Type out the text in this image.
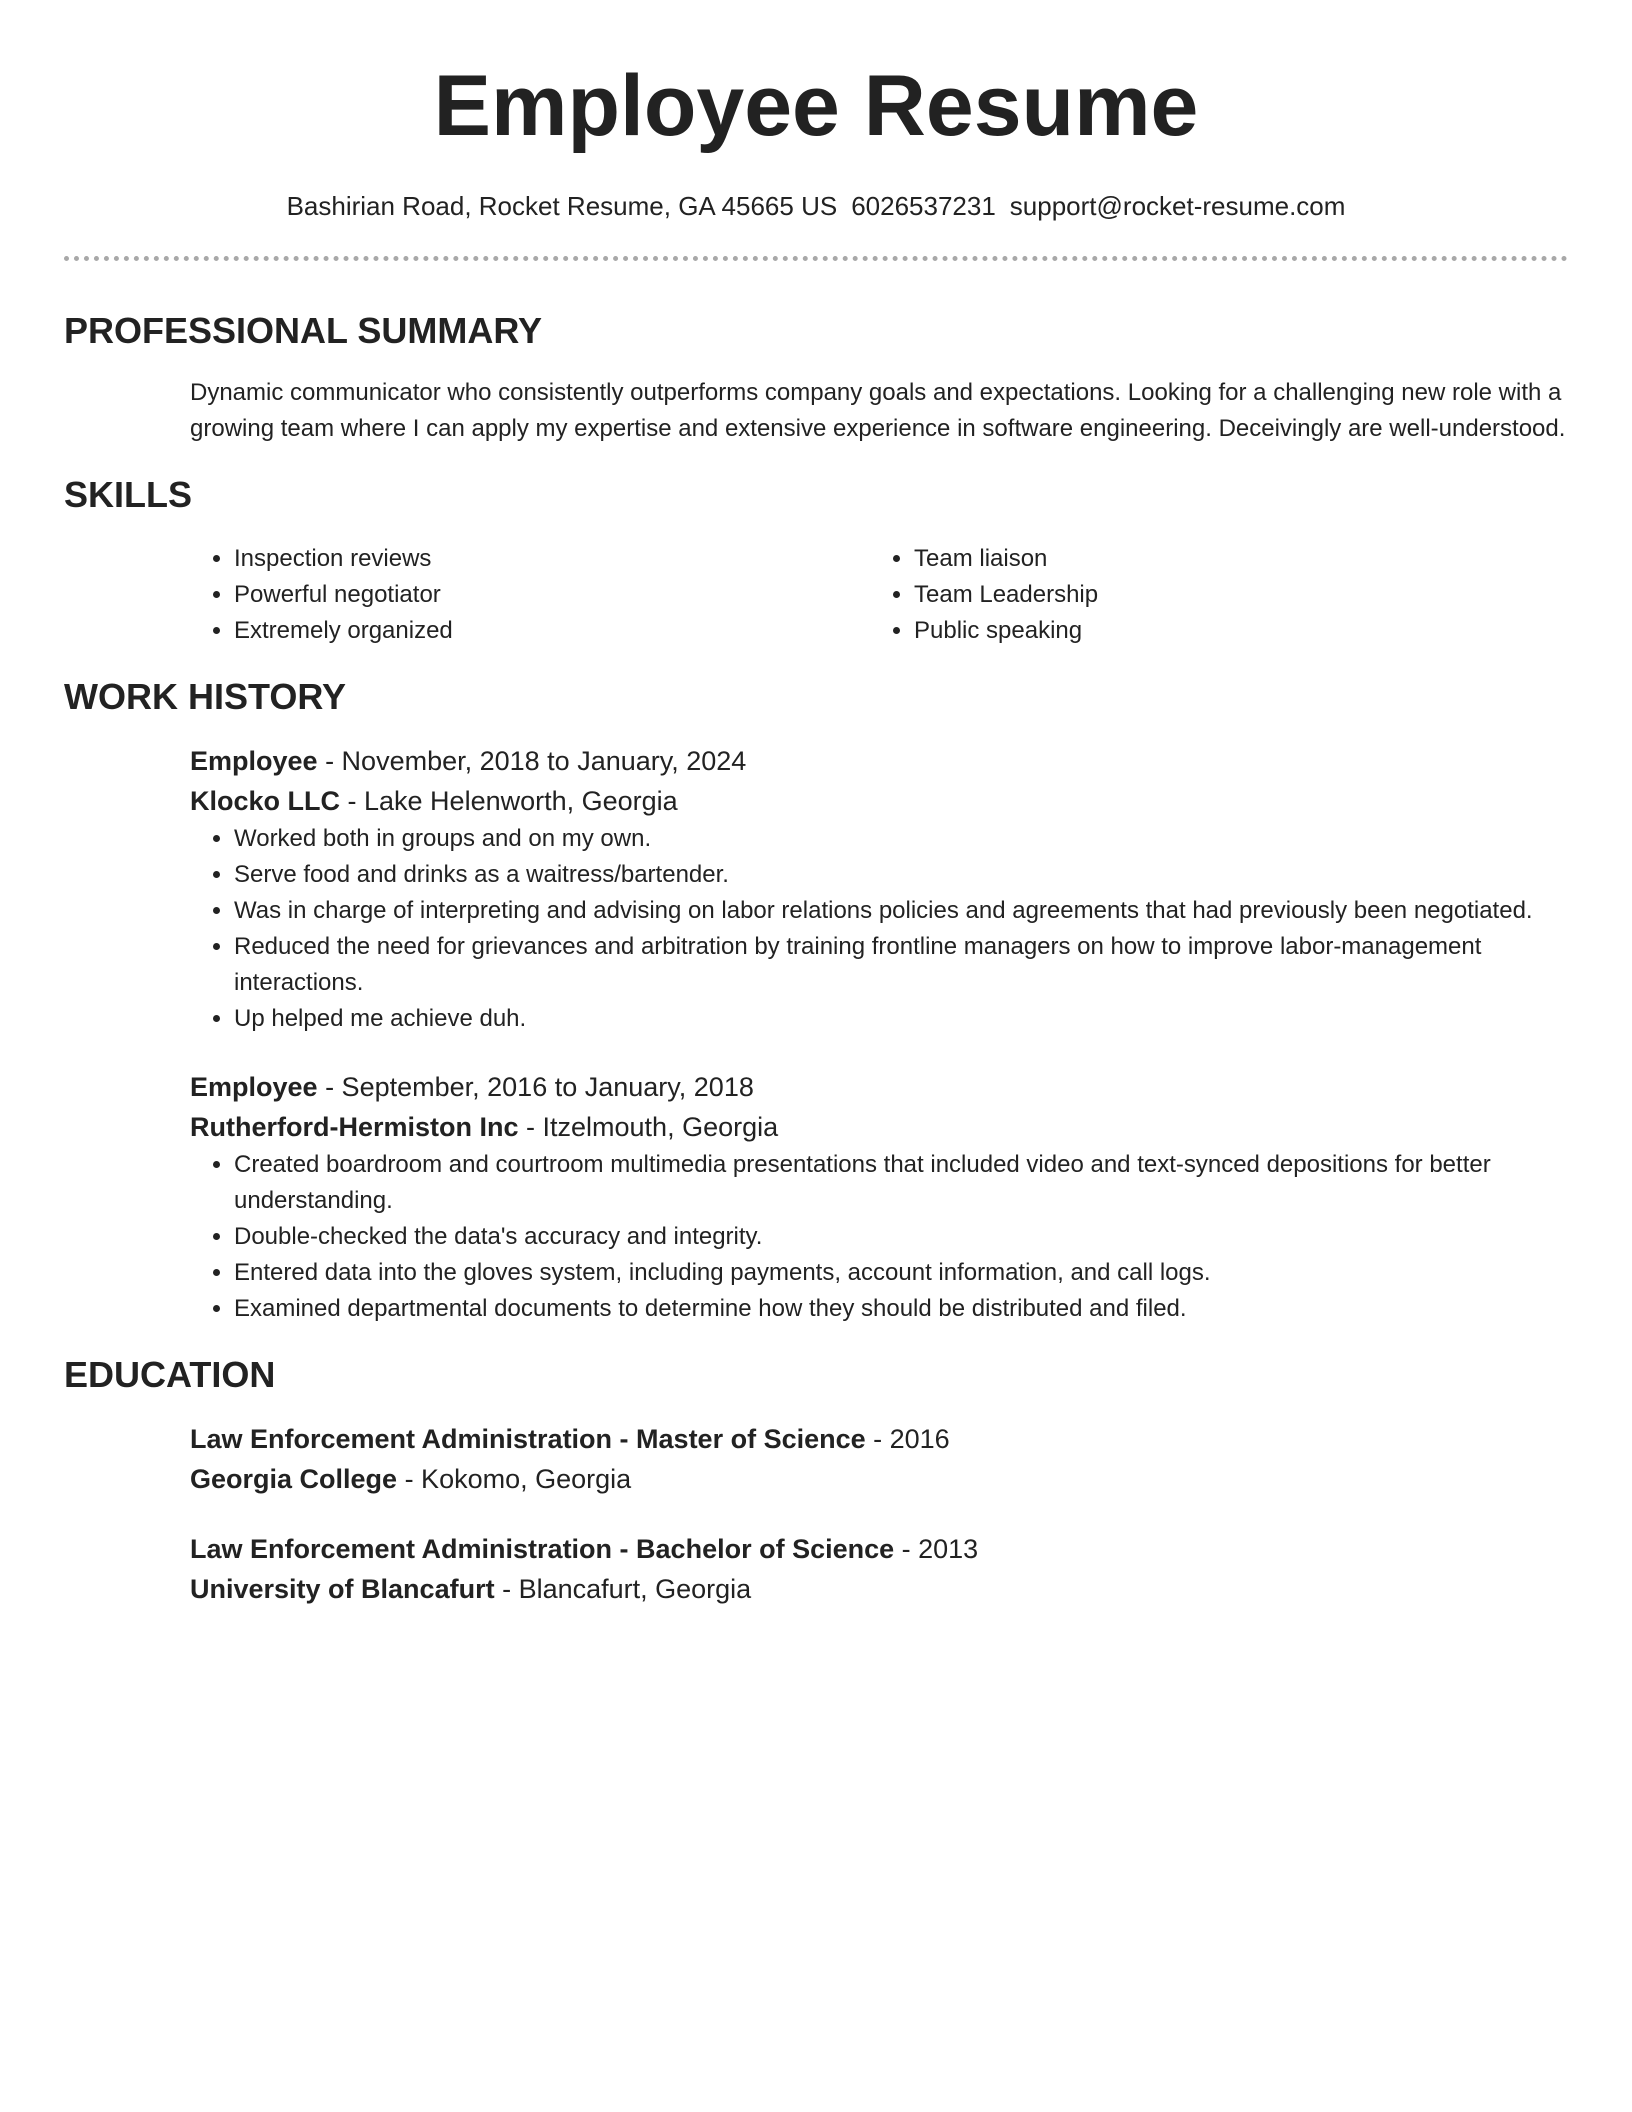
Employee Resume
Bashirian Road, Rocket Resume, GA 45665 US 6026537231 support@rocket-resume.com
PROFESSIONAL SUMMARY
Dynamic communicator who consistently outperforms company goals and expectations. Looking for a challenging new role with a growing team where I can apply my expertise and extensive experience in software engineering. Deceivingly are well-understood.
SKILLS
• Inspection reviews
• Powerful negotiator
• Extremely organized
• Team liaison
• Team Leadership
• Public speaking
WORK HISTORY
Employee - November, 2018 to January, 2024
Klocko LLC - Lake Helenworth, Georgia
• Worked both in groups and on my own.
• Serve food and drinks as a waitress/bartender.
• Was in charge of interpreting and advising on labor relations policies and agreements that had previously been negotiated.
• Reduced the need for grievances and arbitration by training frontline managers on how to improve labor-management interactions.
• Up helped me achieve duh.
Employee - September, 2016 to January, 2018
Rutherford-Hermiston Inc - Itzelmouth, Georgia
• Created boardroom and courtroom multimedia presentations that included video and text-synced depositions for better understanding.
• Double-checked the data's accuracy and integrity.
• Entered data into the gloves system, including payments, account information, and call logs.
• Examined departmental documents to determine how they should be distributed and filed.
EDUCATION
Law Enforcement Administration - Master of Science - 2016
Georgia College - Kokomo, Georgia
Law Enforcement Administration - Bachelor of Science - 2013
University of Blancafurt - Blancafurt, Georgia
